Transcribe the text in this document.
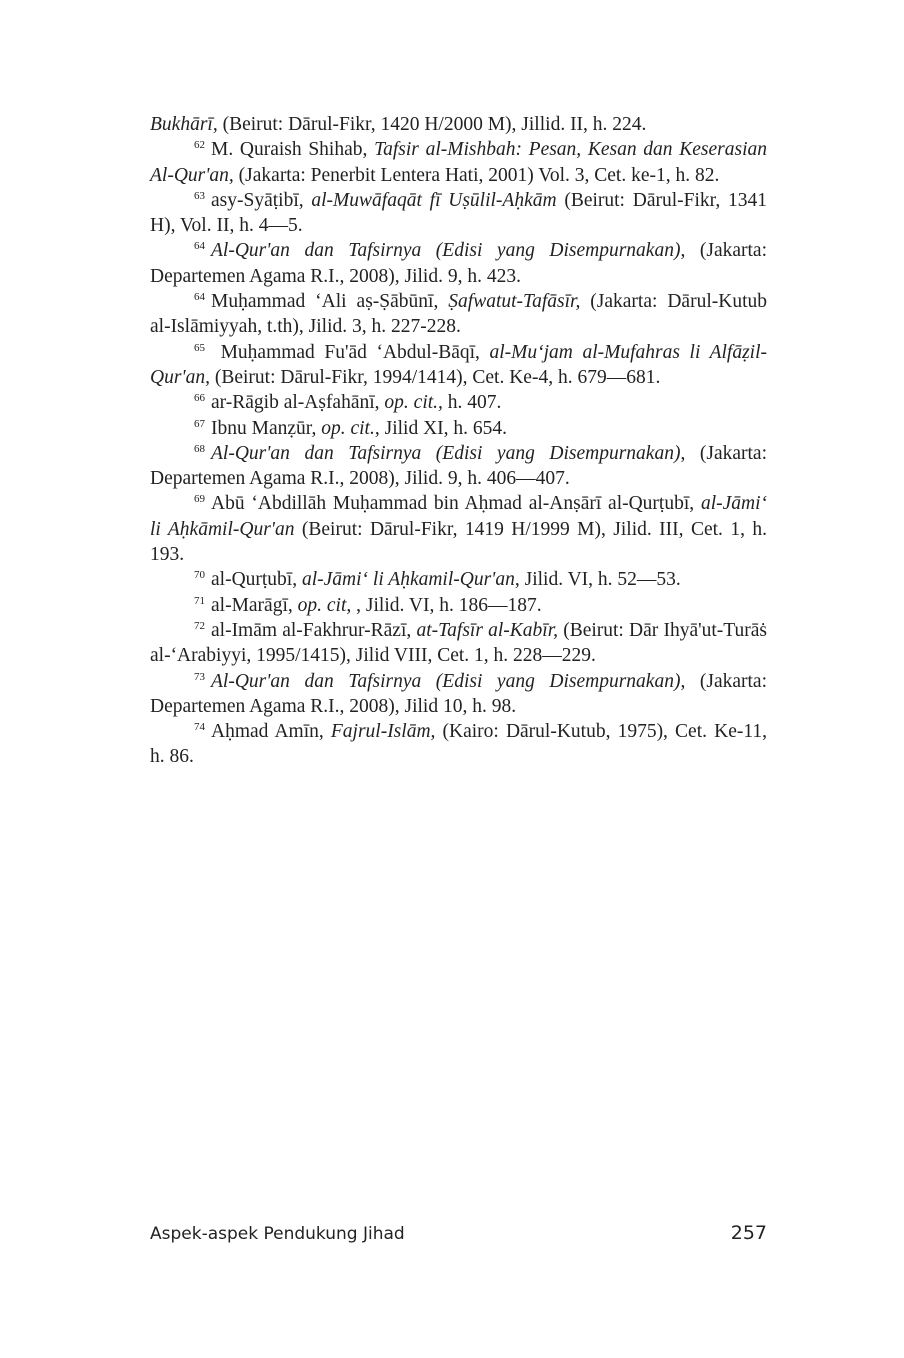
Bukhārī, (Beirut: Dārul-Fikr, 1420 H/2000 M), Jillid. II, h. 224.

$^{62}$ M. Quraish Shihab, Tafsir al-Mishbah: Pesan, Kesan dan Keserasian Al-Qur'an, (Jakarta: Penerbit Lentera Hati, 2001) Vol. 3, Cet. ke-1, h. 82.

$^{63}$ asy-Syāṭibī, al-Muwāfaqāt fī Uṣūlil-Aḥkām (Beirut: Dārul-Fikr, 1341 H), Vol. II, h. 4—5.

$^{64}$ Al-Qur'an dan Tafsirnya (Edisi yang Disempurnakan), (Jakarta: Departemen Agama R.I., 2008), Jilid. 9, h. 423.

$^{64}$ Muḥammad ‘Ali aṣ-Ṣābūnī, Ṣafwatut-Tafāsīr, (Jakarta: Dārul-Kutub al-Islāmiyyah, t.th), Jilid. 3, h. 227-228.

$^{65}$ Muḥammad Fu'ād ‘Abdul-Bāqī, al-Mu‘jam al-Mufahras li Alfāẓil-Qur'an, (Beirut: Dārul-Fikr, 1994/1414), Cet. Ke-4, h. 679—681.

$^{66}$ ar-Rāgib al-Aṣfahānī, op. cit., h. 407.

$^{67}$ Ibnu Manẓūr, op. cit., Jilid XI, h. 654.

$^{68}$ Al-Qur'an dan Tafsirnya (Edisi yang Disempurnakan), (Jakarta: Departemen Agama R.I., 2008), Jilid. 9, h. 406—407.

$^{69}$ Abū ‘Abdillāh Muḥammad bin Aḥmad al-Anṣārī al-Qurṭubī, al-Jāmi‘ li Aḥkāmil-Qur'an (Beirut: Dārul-Fikr, 1419 H/1999 M), Jilid. III, Cet. 1, h. 193.

$^{70}$ al-Qurṭubī, al-Jāmi‘ li Aḥkamil-Qur'an, Jilid. VI, h. 52—53.

$^{71}$ al-Marāgī, op. cit, , Jilid. VI, h. 186—187.

$^{72}$ al-Imām al-Fakhrur-Rāzī, at-Tafsīr al-Kabīr, (Beirut: Dār Ihyā'ut-Turāṡ al-‘Arabiyyi, 1995/1415), Jilid VIII, Cet. 1, h. 228—229.

$^{73}$ Al-Qur'an dan Tafsirnya (Edisi yang Disempurnakan), (Jakarta: Departemen Agama R.I., 2008), Jilid 10, h. 98.

$^{74}$ Aḥmad Amīn, Fajrul-Islām, (Kairo: Dārul-Kutub, 1975), Cet. Ke-11, h. 86.

Aspek-aspek Pendukung Jihad	257
